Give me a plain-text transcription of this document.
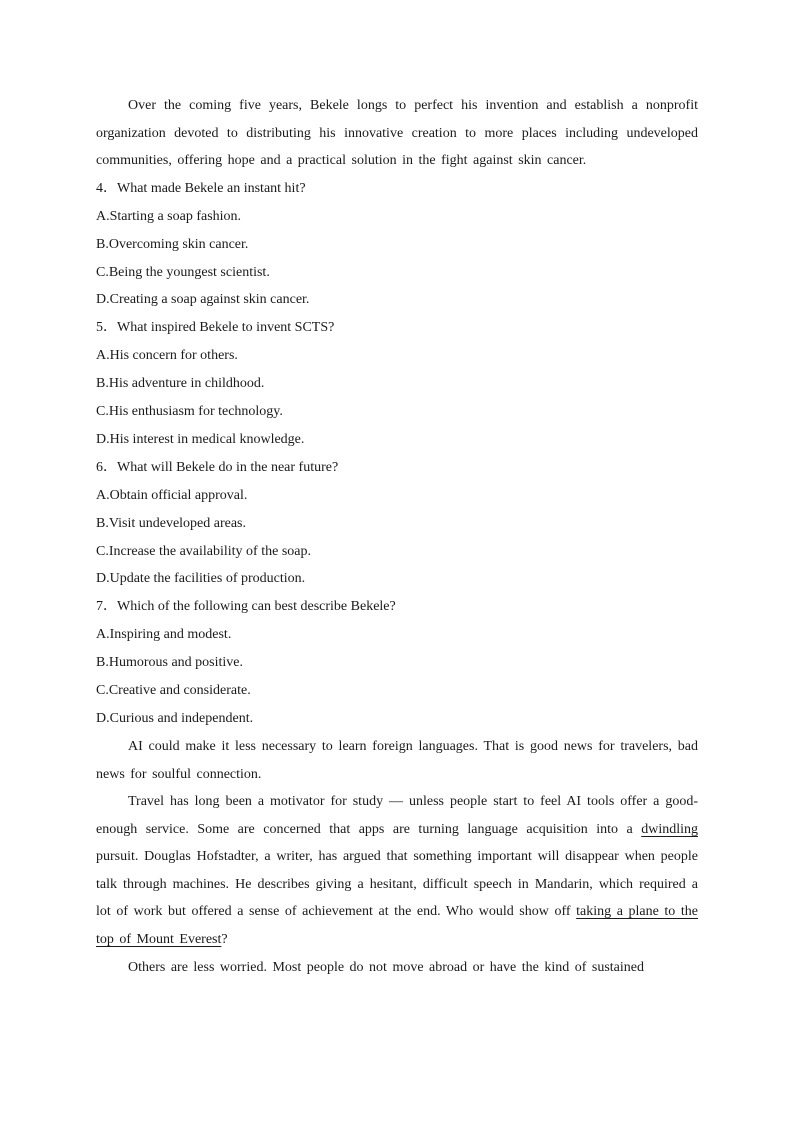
Over the coming five years, Bekele longs to perfect his invention and establish a nonprofit organization devoted to distributing his innovative creation to more places including undeveloped communities, offering hope and a practical solution in the fight against skin cancer.

4．What made Bekele an instant hit?

A.Starting a soap fashion.

B.Overcoming skin cancer.

C.Being the youngest scientist.

D.Creating a soap against skin cancer.

5．What inspired Bekele to invent SCTS?

A.His concern for others.

B.His adventure in childhood.

C.His enthusiasm for technology.

D.His interest in medical knowledge.

6．What will Bekele do in the near future?

A.Obtain official approval.

B.Visit undeveloped areas.

C.Increase the availability of the soap.

D.Update the facilities of production.

7．Which of the following can best describe Bekele?

A.Inspiring and modest.

B.Humorous and positive.

C.Creative and considerate.

D.Curious and independent.

AI could make it less necessary to learn foreign languages. That is good news for travelers, bad news for soulful connection.

Travel has long been a motivator for study — unless people start to feel AI tools offer a good-enough service. Some are concerned that apps are turning language acquisition into a dwindling pursuit. Douglas Hofstadter, a writer, has argued that something important will disappear when people talk through machines. He describes giving a hesitant, difficult speech in Mandarin, which required a lot of work but offered a sense of achievement at the end. Who would show off taking a plane to the top of Mount Everest?

Others are less worried. Most people do not move abroad or have the kind of sustained
